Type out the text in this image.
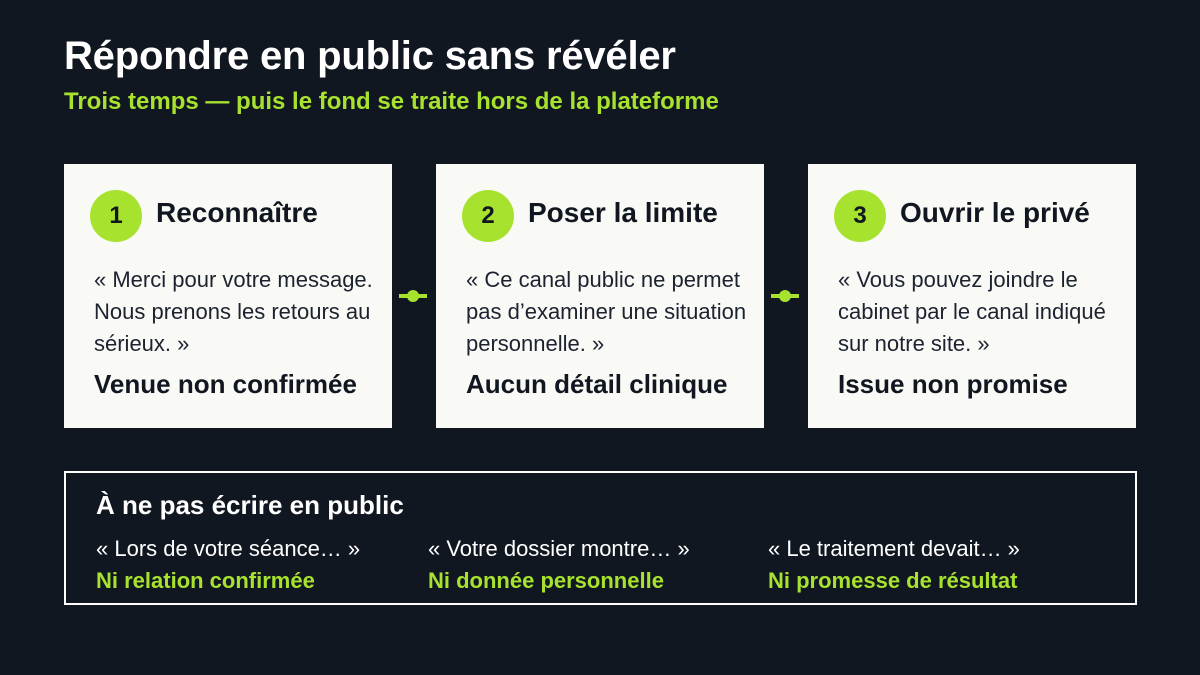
Répondre en public sans révéler
Trois temps — puis le fond se traite hors de la plateforme
1	Reconnaître
« Merci pour votre message. Nous prenons les retours au sérieux. »
Venue non confirmée
2	Poser la limite
« Ce canal public ne permet pas d’examiner une situation personnelle. »
Aucun détail clinique
3	Ouvrir le privé
« Vous pouvez joindre le cabinet par le canal indiqué sur notre site. »
Issue non promise
À ne pas écrire en public
« Lors de votre séance… »
Ni relation confirmée
« Votre dossier montre… »
Ni donnée personnelle
« Le traitement devait… »
Ni promesse de résultat
